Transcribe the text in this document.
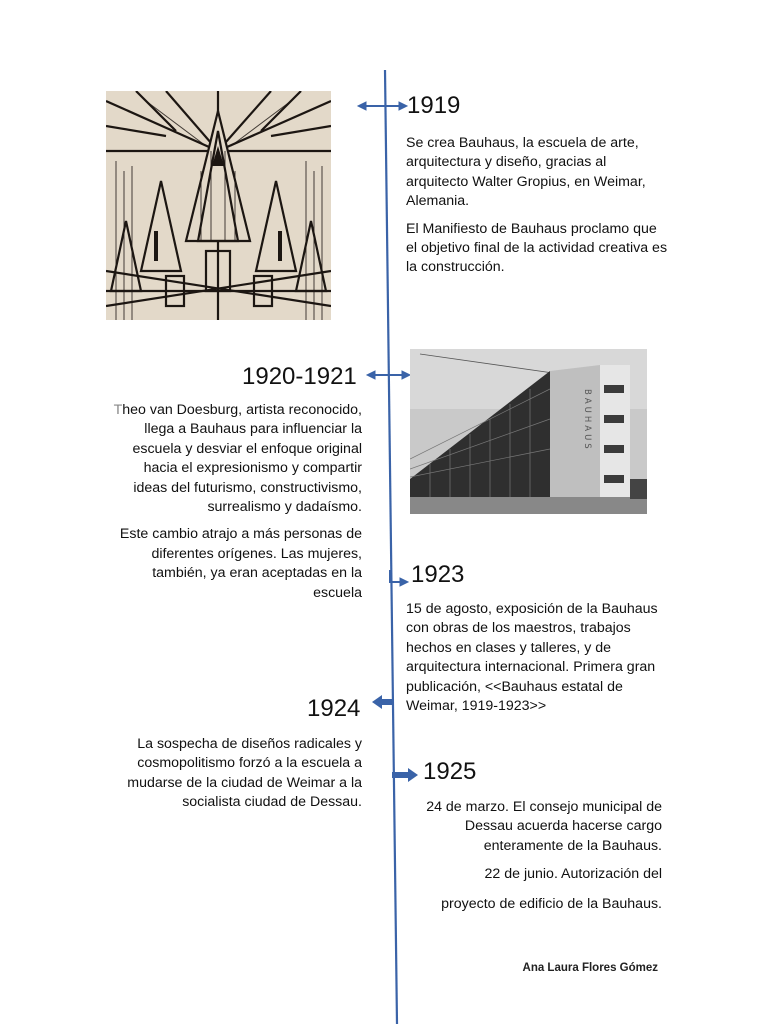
BAUHAUS
1919

Se crea Bauhaus, la escuela de arte, arquitectura y diseño, gracias al arquitecto Walter Gropius, en Weimar, Alemania.

El Manifiesto de Bauhaus proclamo que el objetivo final de la actividad creativa es la construcción.

1920-1921

Theo van Doesburg, artista reconocido, llega a Bauhaus para influenciar la escuela y desviar el enfoque original hacia el expresionismo y compartir ideas del futurismo, constructivismo, surrealismo y dadaísmo.

Este cambio atrajo a más personas de diferentes orígenes. Las mujeres, también, ya eran aceptadas en la escuela

1923

15 de agosto, exposición de la Bauhaus con obras de los maestros, trabajos hechos en clases y talleres, y de arquitectura internacional. Primera gran publicación, <<Bauhaus estatal de Weimar, 1919-1923>>

1924

La sospecha de diseños radicales y cosmopolitismo forzó a la escuela a mudarse de la ciudad de Weimar a la socialista ciudad de Dessau.

1925

24 de marzo. El consejo municipal de Dessau acuerda hacerse cargo enteramente de la Bauhaus.

22 de junio. Autorización del

proyecto de edificio de la Bauhaus.

Ana Laura Flores Gómez
